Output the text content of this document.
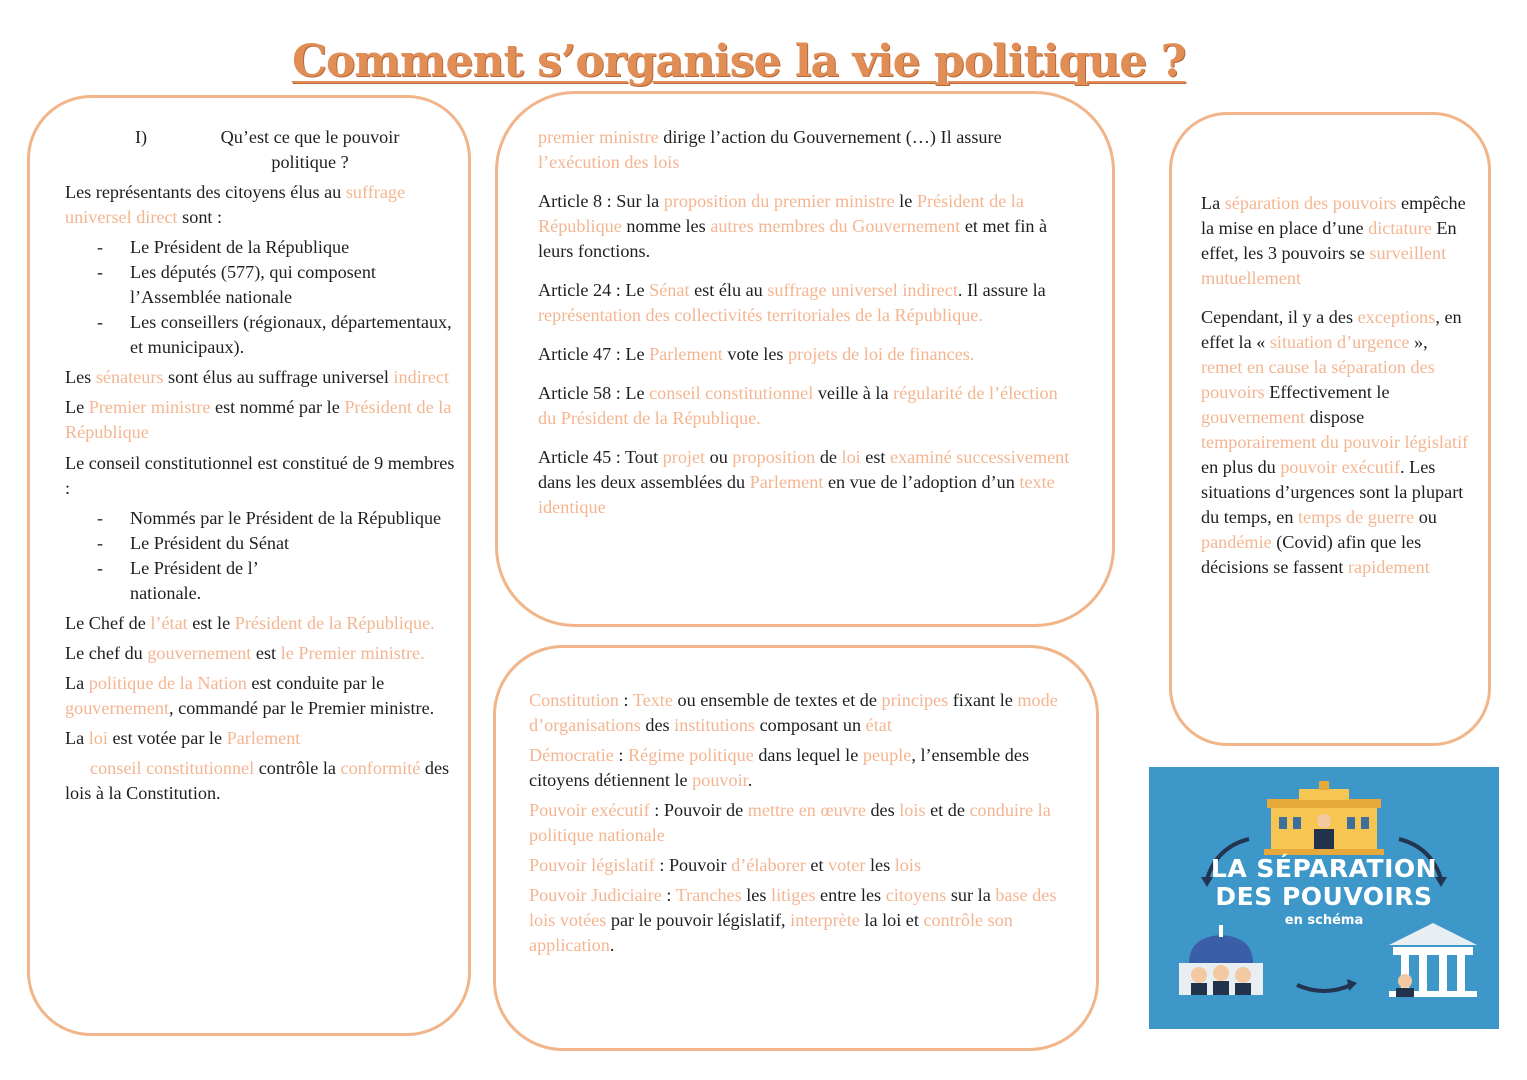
Comment s’organise la vie politique ?
I)	Qu’est ce que le pouvoir politique ?

Les représentants des citoyens élus au suffrage universel direct sont :

-	Le Président de la République
-	Les députés (577), qui composent l’Assemblée nationale
-	Les conseillers (régionaux, départementaux, et municipaux).

Les sénateurs sont élus au suffrage universel indirect

Le Premier ministre est nommé par le Président de la République

Le conseil constitutionnel est constitué de 9 membres :

-	Nommés par le Président de la République
-	Le Président du Sénat
-	Le Président de l’ nationale.

Le Chef de l’état est le Président de la République.

Le chef du gouvernement est le Premier ministre.

La politique de la Nation est conduite par le gouvernement, commandé par le Premier ministre.

La loi est votée par le Parlement

conseil constitutionnel contrôle la conformité des lois à la Constitution.

premier ministre dirige l’action du Gouvernement (…) Il assure l’exécution des lois

Article 8 : Sur la proposition du premier ministre le Président de la République nomme les autres membres du Gouvernement et met fin à leurs fonctions.

Article 24 : Le Sénat est élu au suffrage universel indirect. Il assure la représentation des collectivités territoriales de la République.

Article 47 : Le Parlement vote les projets de loi de finances.

Article 58 : Le conseil constitutionnel veille à la régularité de l’élection du Président de la République.

Article 45 : Tout projet ou proposition de loi est examiné successivement dans les deux assemblées du Parlement en vue de l’adoption d’un texte identique

Constitution : Texte ou ensemble de textes et de principes fixant le mode d’organisations des institutions composant un état

Démocratie : Régime politique dans lequel le peuple, l’ensemble des citoyens détiennent le pouvoir.

Pouvoir exécutif : Pouvoir de mettre en œuvre des lois et de conduire la politique nationale

Pouvoir législatif : Pouvoir d’élaborer et voter les lois

Pouvoir Judiciaire : Tranches les litiges entre les citoyens sur la base des lois votées par le pouvoir législatif, interprète la loi et contrôle son application.

La séparation des pouvoirs empêche la mise en place d’une dictature En effet, les 3 pouvoirs se surveillent mutuellement

Cependant, il y a des exceptions, en effet la « situation d’urgence », remet en cause la séparation des pouvoirs Effectivement le gouvernement dispose temporairement du pouvoir législatif en plus du pouvoir exécutif. Les situations d’urgences sont la plupart du temps, en temps de guerre ou pandémie (Covid) afin que les décisions se fassent rapidement

LA SÉPARATION
DES POUVOIRS
en schéma
